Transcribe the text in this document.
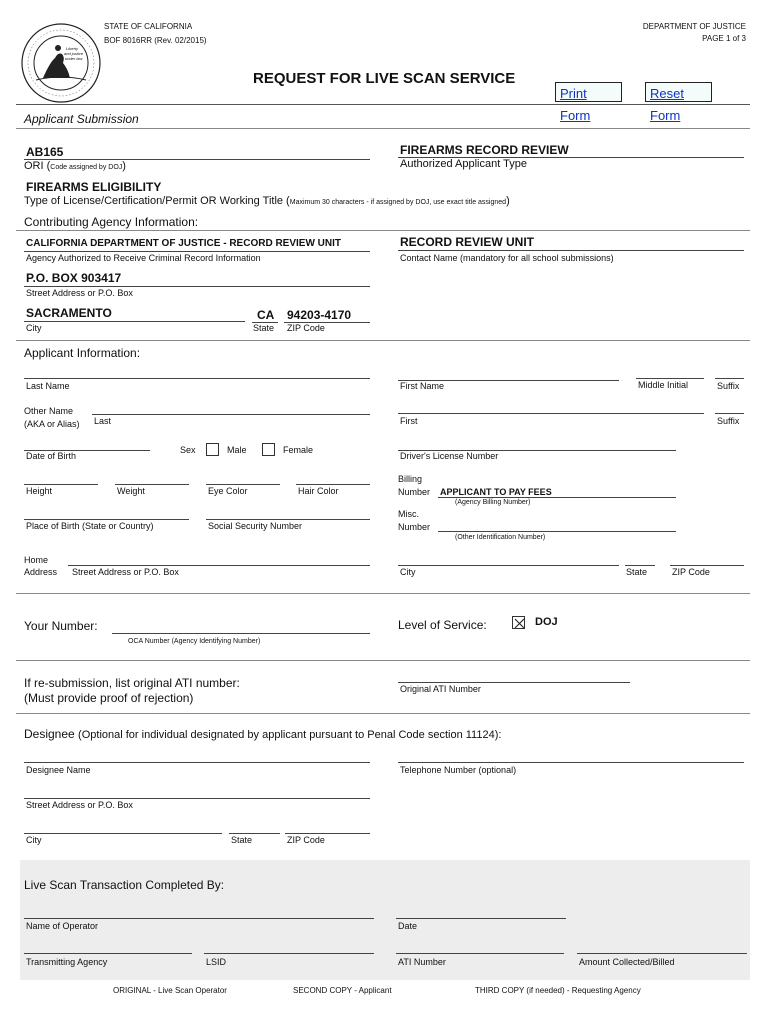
Liberty
and justice
under law
STATE OF CALIFORNIA
BOF 8016RR (Rev. 02/2015)
DEPARTMENT OF JUSTICE
PAGE 1 of 3
REQUEST FOR LIVE SCAN SERVICE
Print Form
Reset Form
Applicant Submission
AB165
ORI (Code assigned by DOJ)
FIREARMS RECORD REVIEW
Authorized Applicant Type
FIREARMS ELIGIBILITY
Type of License/Certification/Permit OR Working Title (Maximum 30 characters - if assigned by DOJ, use exact title assigned)
Contributing Agency Information:
CALIFORNIA DEPARTMENT OF JUSTICE - RECORD REVIEW UNIT
Agency Authorized to Receive Criminal Record Information
RECORD REVIEW UNIT
Contact Name (mandatory for all school submissions)
P.O. BOX 903417
Street Address or P.O. Box
SACRAMENTO
City
CA
State
94203-4170
ZIP Code
Applicant Information:
Last Name	First Name	Middle Initial	Suffix
Other Name
(AKA or Alias) Last	First	Suffix
Date of Birth
Sex	Male	Female
Driver's License Number
Height	Weight	Eye Color	Hair Color
Billing
Number APPLICANT TO PAY FEES
(Agency Billing Number)
Place of Birth (State or Country)	Social Security Number
Misc.
Number
(Other Identification Number)
Home
Address Street Address or P.O. Box	City	State	ZIP Code
Your Number:
OCA Number (Agency Identifying Number)
Level of Service:	DOJ
If re-submission, list original ATI number:
(Must provide proof of rejection)
Original ATI Number
Designee (Optional for individual designated by applicant pursuant to Penal Code section 11124):
Designee Name	Telephone Number (optional)
Street Address or P.O. Box
City	State	ZIP Code
Live Scan Transaction Completed By:
Name of Operator	Date
Transmitting Agency	LSID	ATI Number	Amount Collected/Billed
ORIGINAL - Live Scan Operator	SECOND COPY - Applicant	THIRD COPY (if needed) - Requesting Agency
